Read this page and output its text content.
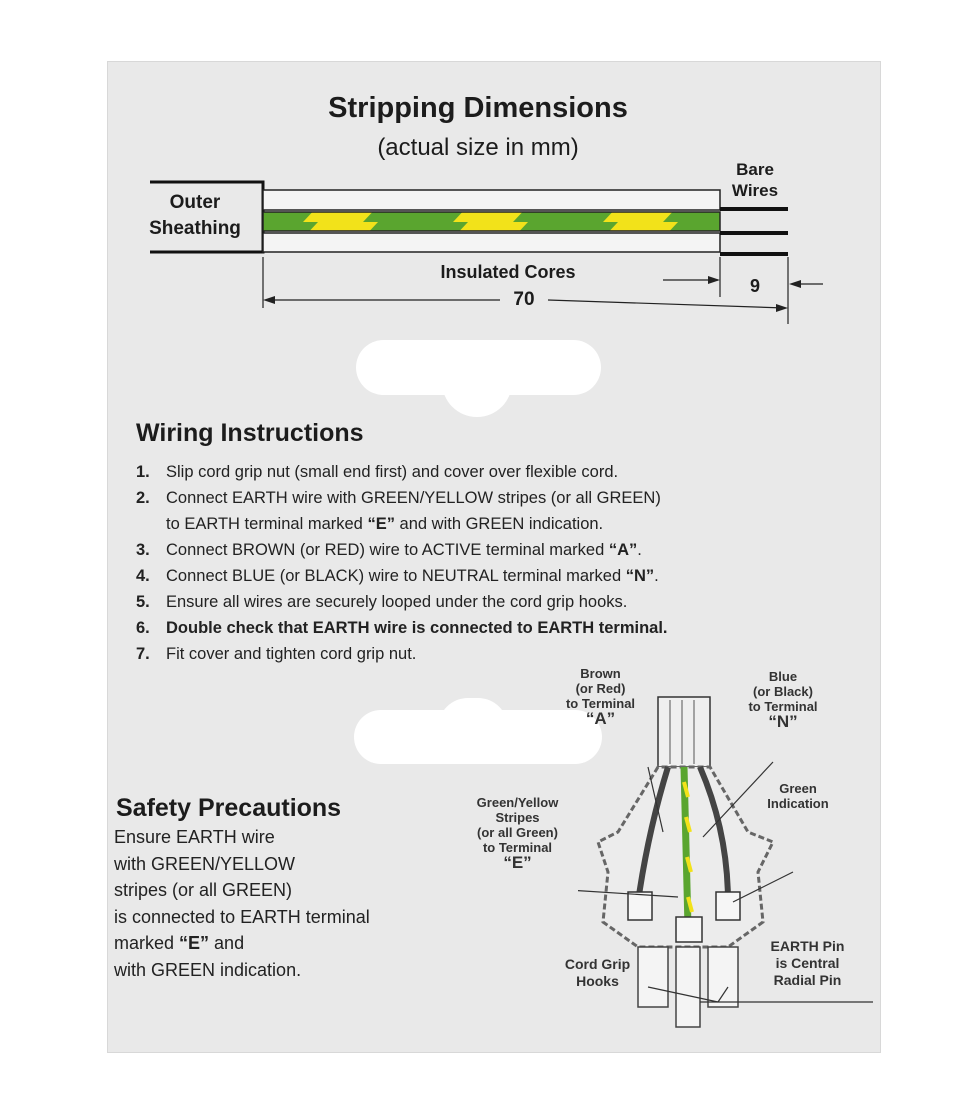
Stripping Dimensions
(actual size in mm)
Outer
Sheathing
Bare
Wires
Insulated Cores
70
9
Wiring Instructions
1. Slip cord grip nut (small end first) and cover over flexible cord.
2. Connect EARTH wire with GREEN/YELLOW stripes (or all GREEN)
to EARTH terminal marked “E” and with GREEN indication.
3. Connect BROWN (or RED) wire to ACTIVE terminal marked “A”.
4. Connect BLUE (or BLACK) wire to NEUTRAL terminal marked “N”.
5. Ensure all wires are securely looped under the cord grip hooks.
6. Double check that EARTH wire is connected to EARTH terminal.
7. Fit cover and tighten cord grip nut.
Safety Precautions

Ensure EARTH wire

with GREEN/YELLOW

stripes (or all GREEN)

is connected to EARTH terminal

marked “E” and

with GREEN indication.

Brown
(or Red)
to Terminal
“A”
Blue
(or Black)
to Terminal
“N”
Green
Indication
Green/Yellow
Stripes
(or all Green)
to Terminal
“E”
Cord Grip
Hooks
EARTH Pin
is Central
Radial Pin
